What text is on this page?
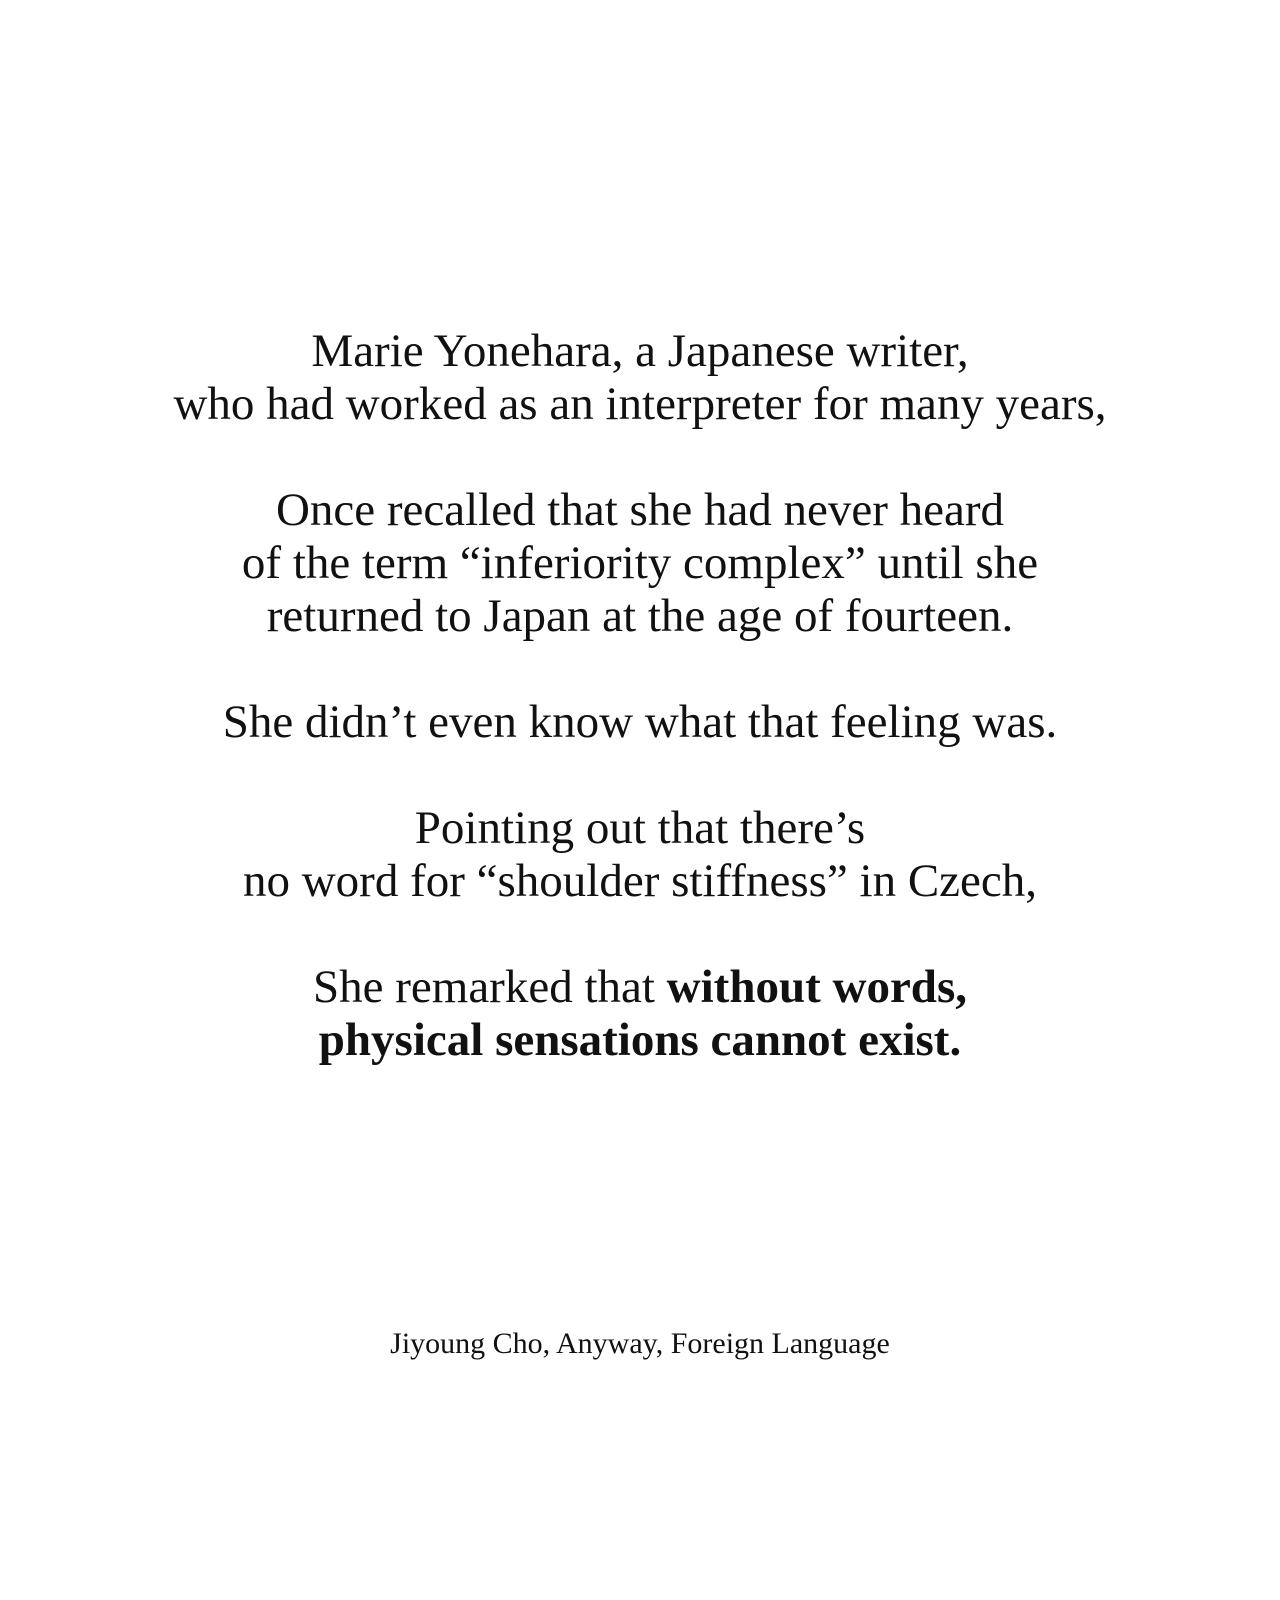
Marie Yonehara, a Japanese writer,
who had worked as an interpreter for many years,
Once recalled that she had never heard
of the term “inferiority complex” until she
returned to Japan at the age of fourteen.
She didn’t even know what that feeling was.
Pointing out that there’s
no word for “shoulder stiffness” in Czech,
She remarked that without words,
physical sensations cannot exist.
Jiyoung Cho, Anyway, Foreign Language
